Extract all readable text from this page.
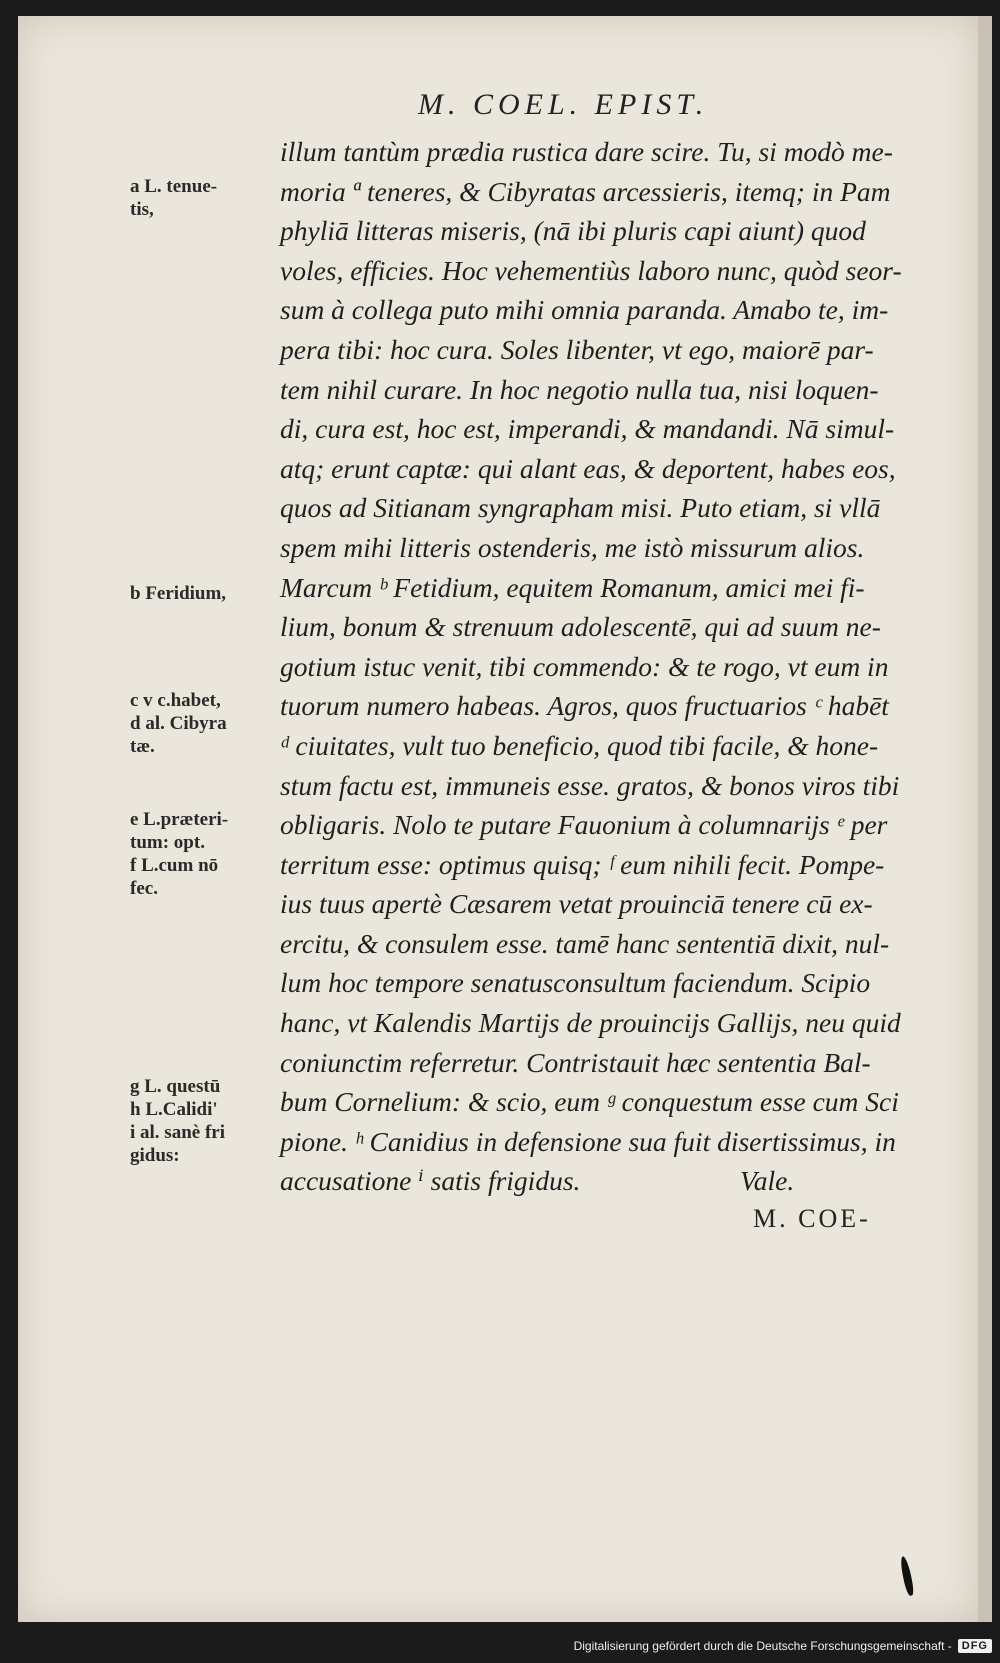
M. COEL. EPIST.
a L. tenue-
tis,
b Feridium,
c v c.habet,
d al. Cibyra
tæ.
e L.præteri-
tum: opt.
f L.cum nō
fec.
g L. questū
h L.Calidi'
i al. sanè fri
gidus:
illum tantùm prædia rustica dare scire. Tu, si modò me-
moria ª teneres, & Cibyratas arcessieris, itemq; in Pam
phyliā litteras miseris, (nā ibi pluris capi aiunt) quod
voles, efficies. Hoc vehementiùs laboro nunc, quòd seor-
sum à collega puto mihi omnia paranda. Amabo te, im-
pera tibi: hoc cura. Soles libenter, vt ego, maiorē par-
tem nihil curare. In hoc negotio nulla tua, nisi loquen-
di, cura est, hoc est, imperandi, & mandandi. Nā simul-
atq; erunt captæ: qui alant eas, & deportent, habes eos,
quos ad Sitianam syngrapham misi. Puto etiam, si vllā
spem mihi litteris ostenderis, me istò missurum alios.
Marcum ᵇ Fetidium, equitem Romanum, amici mei fi-
lium, bonum & strenuum adolescentē, qui ad suum ne-
gotium istuc venit, tibi commendo: & te rogo, vt eum in
tuorum numero habeas. Agros, quos fructuarios ᶜ habēt
ᵈ ciuitates, vult tuo beneficio, quod tibi facile, & hone-
stum factu est, immuneis esse. gratos, & bonos viros tibi
obligaris. Nolo te putare Fauonium à columnarijs ᵉ per
territum esse: optimus quisq; ᶠ eum nihili fecit. Pompe-
ius tuus apertè Cæsarem vetat prouinciā tenere cū ex-
ercitu, & consulem esse. tamē hanc sententiā dixit, nul-
lum hoc tempore senatusconsultum faciendum. Scipio
hanc, vt Kalendis Martijs de prouincijs Gallijs, neu quid
coniunctim referretur. Contristauit hæc sententia Bal-
bum Cornelium: & scio, eum ᵍ conquestum esse cum Sci
pione. ʰ Canidius in defensione sua fuit disertissimus, in
accusatione ⁱ satis frigidus.	Vale.
M. COE-
Digitalisierung gefördert durch die Deutsche Forschungsgemeinschaft - DFG
